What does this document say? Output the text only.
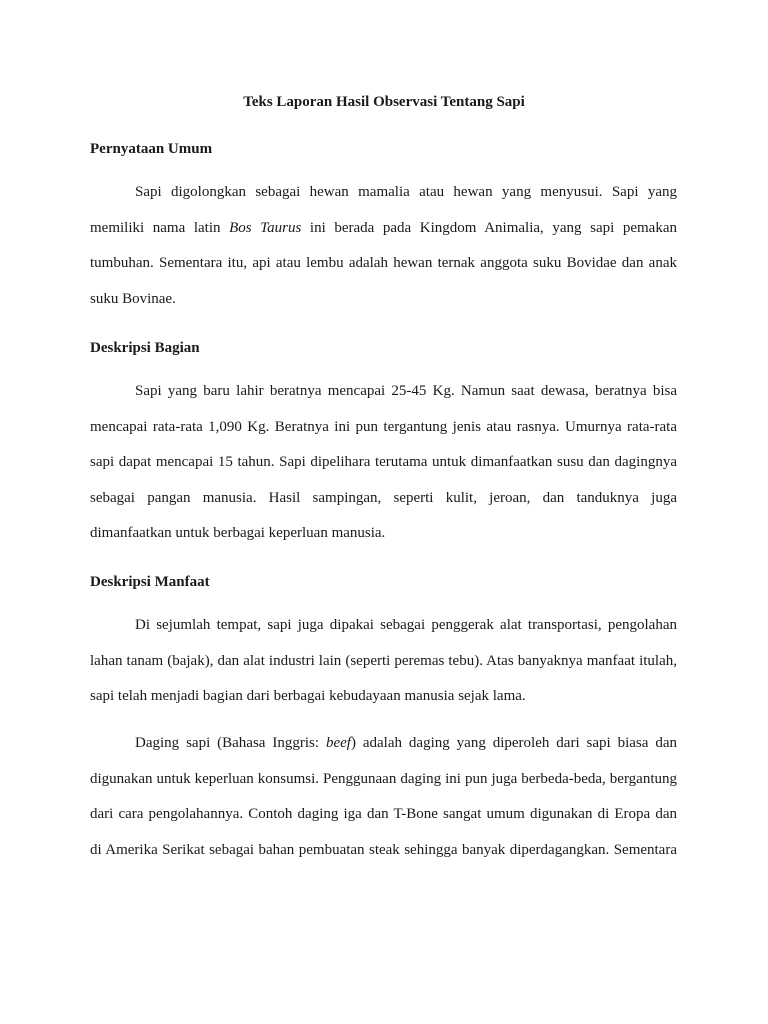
Teks Laporan Hasil Observasi Tentang Sapi
Pernyataan Umum
Sapi digolongkan sebagai hewan mamalia atau hewan yang menyusui. Sapi yang
memiliki nama latin Bos Taurus ini berada pada Kingdom Animalia, yang sapi pemakan
tumbuhan. Sementara itu, api atau lembu adalah hewan ternak anggota suku Bovidae dan anak
suku Bovinae.
Deskripsi Bagian
Sapi yang baru lahir beratnya mencapai 25-45 Kg. Namun saat dewasa, beratnya bisa
mencapai rata-rata 1,090 Kg. Beratnya ini pun tergantung jenis atau rasnya. Umurnya rata-rata
sapi dapat mencapai 15 tahun. Sapi dipelihara terutama untuk dimanfaatkan susu dan dagingnya
sebagai pangan manusia. Hasil sampingan, seperti kulit, jeroan, dan tanduknya juga
dimanfaatkan untuk berbagai keperluan manusia.
Deskripsi Manfaat
Di sejumlah tempat, sapi juga dipakai sebagai penggerak alat transportasi, pengolahan
lahan tanam (bajak), dan alat industri lain (seperti peremas tebu). Atas banyaknya manfaat itulah,
sapi telah menjadi bagian dari berbagai kebudayaan manusia sejak lama.
Daging sapi (Bahasa Inggris: beef) adalah daging yang diperoleh dari sapi biasa dan
digunakan untuk keperluan konsumsi. Penggunaan daging ini pun juga berbeda-beda, bergantung
dari cara pengolahannya. Contoh daging iga dan T-Bone sangat umum digunakan di Eropa dan
di Amerika Serikat sebagai bahan pembuatan steak sehingga banyak diperdagangkan. Sementara
